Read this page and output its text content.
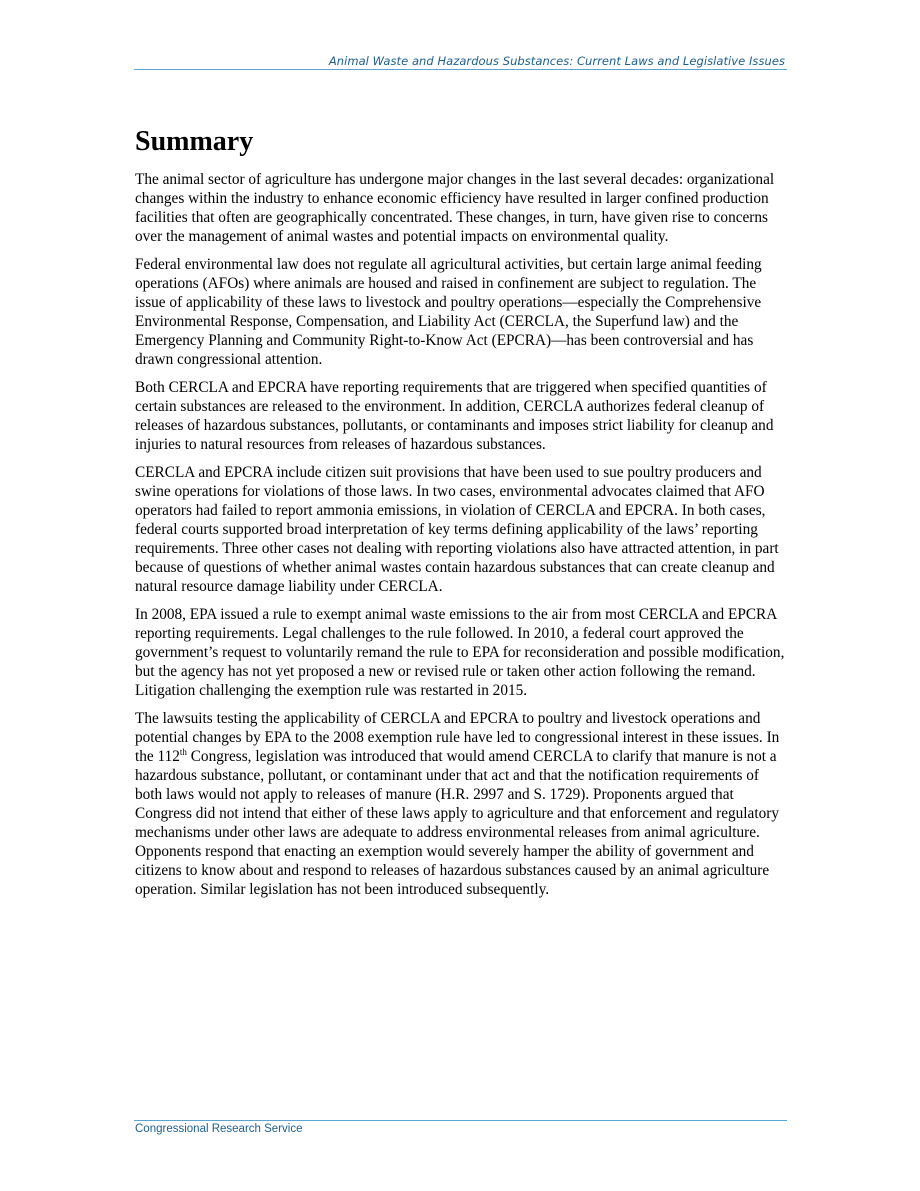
Animal Waste and Hazardous Substances: Current Laws and Legislative Issues
Summary

The animal sector of agriculture has undergone major changes in the last several decades: organizational changes within the industry to enhance economic efficiency have resulted in larger confined production facilities that often are geographically concentrated. These changes, in turn, have given rise to concerns over the management of animal wastes and potential impacts on environmental quality.

Federal environmental law does not regulate all agricultural activities, but certain large animal feeding operations (AFOs) where animals are housed and raised in confinement are subject to regulation. The issue of applicability of these laws to livestock and poultry operations—especially the Comprehensive Environmental Response, Compensation, and Liability Act (CERCLA, the Superfund law) and the Emergency Planning and Community Right-to-Know Act (EPCRA)—has been controversial and has drawn congressional attention.

Both CERCLA and EPCRA have reporting requirements that are triggered when specified quantities of certain substances are released to the environment. In addition, CERCLA authorizes federal cleanup of releases of hazardous substances, pollutants, or contaminants and imposes strict liability for cleanup and injuries to natural resources from releases of hazardous substances.

CERCLA and EPCRA include citizen suit provisions that have been used to sue poultry producers and swine operations for violations of those laws. In two cases, environmental advocates claimed that AFO operators had failed to report ammonia emissions, in violation of CERCLA and EPCRA. In both cases, federal courts supported broad interpretation of key terms defining applicability of the laws’ reporting requirements. Three other cases not dealing with reporting violations also have attracted attention, in part because of questions of whether animal wastes contain hazardous substances that can create cleanup and natural resource damage liability under CERCLA.

In 2008, EPA issued a rule to exempt animal waste emissions to the air from most CERCLA and EPCRA reporting requirements. Legal challenges to the rule followed. In 2010, a federal court approved the government’s request to voluntarily remand the rule to EPA for reconsideration and possible modification, but the agency has not yet proposed a new or revised rule or taken other action following the remand. Litigation challenging the exemption rule was restarted in 2015.

The lawsuits testing the applicability of CERCLA and EPCRA to poultry and livestock operations and potential changes by EPA to the 2008 exemption rule have led to congressional interest in these issues. In the 112th Congress, legislation was introduced that would amend CERCLA to clarify that manure is not a hazardous substance, pollutant, or contaminant under that act and that the notification requirements of both laws would not apply to releases of manure (H.R. 2997 and S. 1729). Proponents argued that Congress did not intend that either of these laws apply to agriculture and that enforcement and regulatory mechanisms under other laws are adequate to address environmental releases from animal agriculture. Opponents respond that enacting an exemption would severely hamper the ability of government and citizens to know about and respond to releases of hazardous substances caused by an animal agriculture operation. Similar legislation has not been introduced subsequently.

Congressional Research Service
